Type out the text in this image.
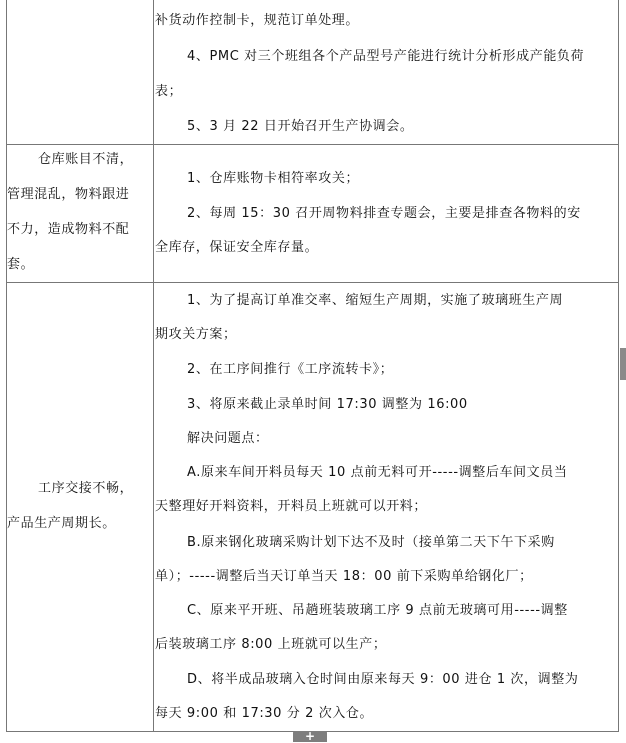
补货动作控制卡，规范订单处理。
4、PMC 对三个班组各个产品型号产能进行统计分析形成产能负荷
表；
5、3 月 22 日开始召开生产协调会。
仓库账目不清，
管理混乱，物料跟进
不力，造成物料不配
套。
1、仓库账物卡相符率攻关；
2、每周 15：30 召开周物料排查专题会，主要是排查各物料的安
全库存，保证安全库存量。
工序交接不畅，
产品生产周期长。
1、为了提高订单准交率、缩短生产周期，实施了玻璃班生产周
期攻关方案；
2、在工序间推行《工序流转卡》；
3、将原来截止录单时间 17:30 调整为 16:00
解决问题点：
A.原来车间开料员每天 10 点前无料可开-----调整后车间文员当
天整理好开料资料，开料员上班就可以开料；
B.原来钢化玻璃采购计划下达不及时（接单第二天下午下采购
单）；-----调整后当天订单当天 18：00 前下采购单给钢化厂；
C、原来平开班、吊趟班装玻璃工序 9 点前无玻璃可用-----调整
后装玻璃工序 8:00 上班就可以生产；
D、将半成品玻璃入仓时间由原来每天 9：00 进仓 1 次，调整为
每天 9:00 和 17:30 分 2 次入仓。
+
